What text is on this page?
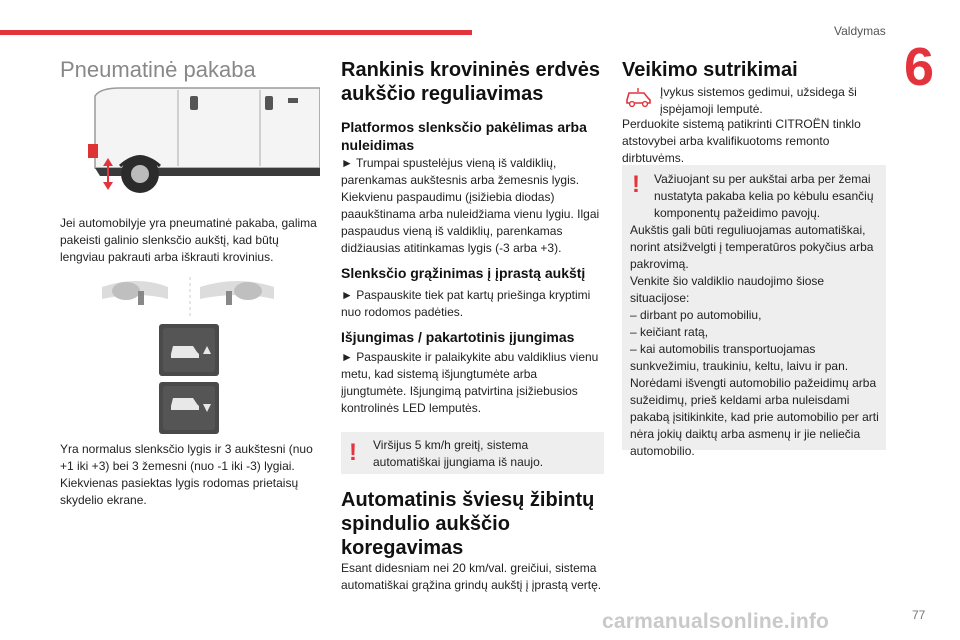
Valdymas
6
Pneumatinė pakaba

Jei automobilyje yra pneumatinė pakaba, galima pakeisti galinio slenksčio aukštį, kad būtų lengviau pakrauti arba iškrauti krovinius.

Yra normalus slenksčio lygis ir 3 aukštesni (nuo +1 iki +3) bei 3 žemesni (nuo -1 iki -3) lygiai. Kiekvienas pasiektas lygis rodomas prietaisų skydelio ekrane.

Rankinis krovininės erdvės aukščio reguliavimas
Platformos slenksčio pakėlimas arba nuleidimas

► Trumpai spustelėjus vieną iš valdiklių, parenkamas aukštesnis arba žemesnis lygis. Kiekvienu paspaudimu (įsižiebia diodas) paaukštinama arba nuleidžiama vienu lygiu. Ilgai paspaudus vieną iš valdiklių, parenkamas didžiausias atitinkamas lygis (-3 arba +3).

Slenksčio grąžinimas į įprastą aukštį

► Paspauskite tiek pat kartų priešinga kryptimi nuo rodomos padėties.

Išjungimas / pakartotinis įjungimas

► Paspauskite ir palaikykite abu valdiklius vienu metu, kad sistemą išjungtumėte arba įjungtumėte. Išjungimą patvirtina įsižiebusios kontrolinės LED lemputės.

! Viršijus 5 km/h greitį, sistema automatiškai įjungiama iš naujo.

Automatinis šviesų žibintų spindulio aukščio koregavimas

Esant didesniam nei 20 km/val. greičiui, sistema automatiškai grąžina grindų aukštį į įprastą vertę.

Veikimo sutrikimai

Įvykus sistemos gedimui, užsidega ši įspėjamoji lemputė.

Perduokite sistemą patikrinti CITROËN tinklo atstovybei arba kvalifikuotoms remonto dirbtuvėms.

! Važiuojant su per aukštai arba per žemai nustatyta pakaba kelia po kėbulu esančių komponentų pažeidimo pavojų.

Aukštis gali būti reguliuojamas automatiškai, norint atsižvelgti į temperatūros pokyčius arba pakrovimą.
Venkite šio valdiklio naudojimo šiose situacijose:
– dirbant po automobiliu,
– keičiant ratą,
– kai automobilis transportuojamas sunkvežimiu, traukiniu, keltu, laivu ir pan.
Norėdami išvengti automobilio pažeidimų arba sužeidimų, prieš keldami arba nuleisdami pakabą įsitikinkite, kad prie automobilio per arti nėra jokių daiktų arba asmenų ir jie neliečia automobilio.

carmanualsonline.info	77
